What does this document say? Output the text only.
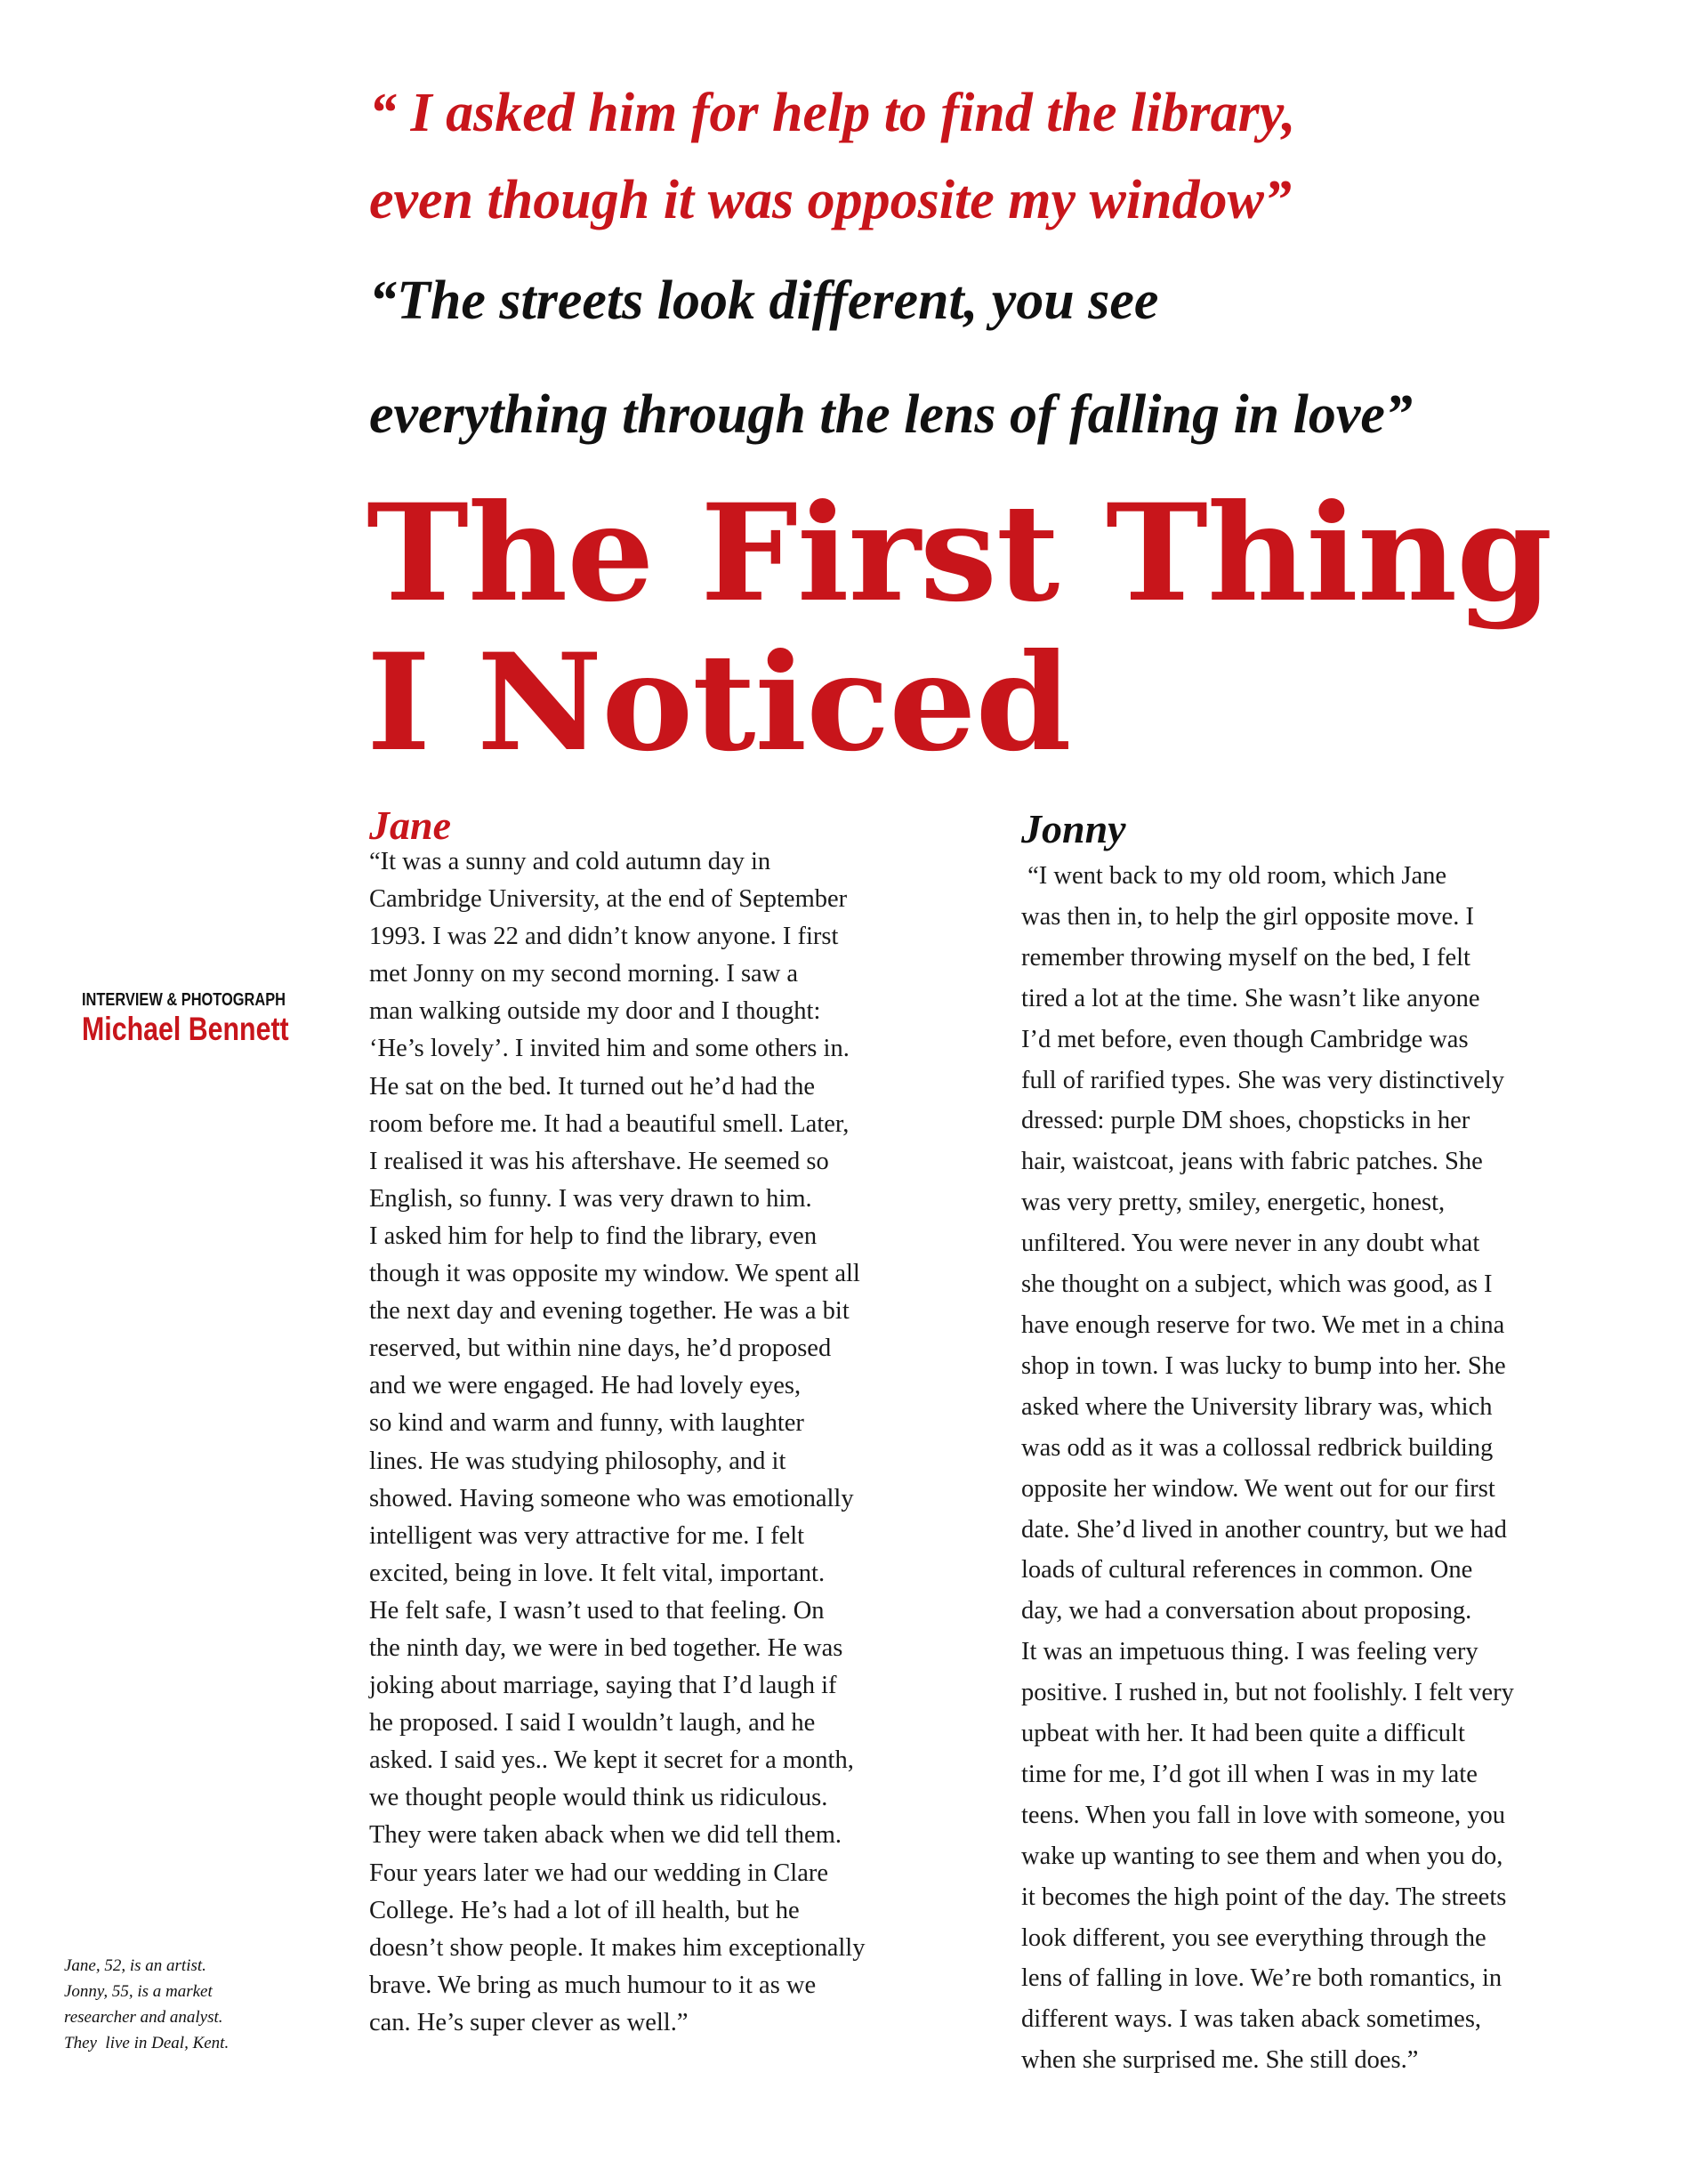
“ I asked him for help to find the library,
even though it was opposite my window”
“The streets look different, you see
everything through the lens of falling in love”
The First Thing
I Noticed
INTERVIEW & PHOTOGRAPH
Michael Bennett
Jane

“It was a sunny and cold autumn day in
Cambridge University, at the end of September
1993. I was 22 and didn’t know anyone. I first
met Jonny on my second morning. I saw a
man walking outside my door and I thought:
‘He’s lovely’. I invited him and some others in.
He sat on the bed. It turned out he’d had the
room before me. It had a beautiful smell. Later,
I realised it was his aftershave. He seemed so
English, so funny. I was very drawn to him.
I asked him for help to find the library, even
though it was opposite my window. We spent all
the next day and evening together. He was a bit
reserved, but within nine days, he’d proposed
and we were engaged. He had lovely eyes,
so kind and warm and funny, with laughter
lines. He was studying philosophy, and it
showed. Having someone who was emotionally
intelligent was very attractive for me. I felt
excited, being in love. It felt vital, important.
He felt safe, I wasn’t used to that feeling. On
the ninth day, we were in bed together. He was
joking about marriage, saying that I’d laugh if
he proposed. I said I wouldn’t laugh, and he
asked. I said yes.. We kept it secret for a month,
we thought people would think us ridiculous.
They were taken aback when we did tell them.
Four years later we had our wedding in Clare
College. He’s had a lot of ill health, but he
doesn’t show people. It makes him exceptionally
brave. We bring as much humour to it as we
can. He’s super clever as well.”

Jonny

“I went back to my old room, which Jane
was then in, to help the girl opposite move. I
remember throwing myself on the bed, I felt
tired a lot at the time. She wasn’t like anyone
I’d met before, even though Cambridge was
full of rarified types. She was very distinctively
dressed: purple DM shoes, chopsticks in her
hair, waistcoat, jeans with fabric patches. She
was very pretty, smiley, energetic, honest,
unfiltered. You were never in any doubt what
she thought on a subject, which was good, as I
have enough reserve for two. We met in a china
shop in town. I was lucky to bump into her. She
asked where the University library was, which
was odd as it was a collossal redbrick building
opposite her window. We went out for our first
date. She’d lived in another country, but we had
loads of cultural references in common. One
day, we had a conversation about proposing.
It was an impetuous thing. I was feeling very
positive. I rushed in, but not foolishly. I felt very
upbeat with her. It had been quite a difficult
time for me, I’d got ill when I was in my late
teens. When you fall in love with someone, you
wake up wanting to see them and when you do,
it becomes the high point of the day. The streets
look different, you see everything through the
lens of falling in love. We’re both romantics, in
different ways. I was taken aback sometimes,
when she surprised me. She still does.”

Jane, 52, is an artist.
Jonny, 55, is a market
researcher and analyst.
They  live in Deal, Kent.
